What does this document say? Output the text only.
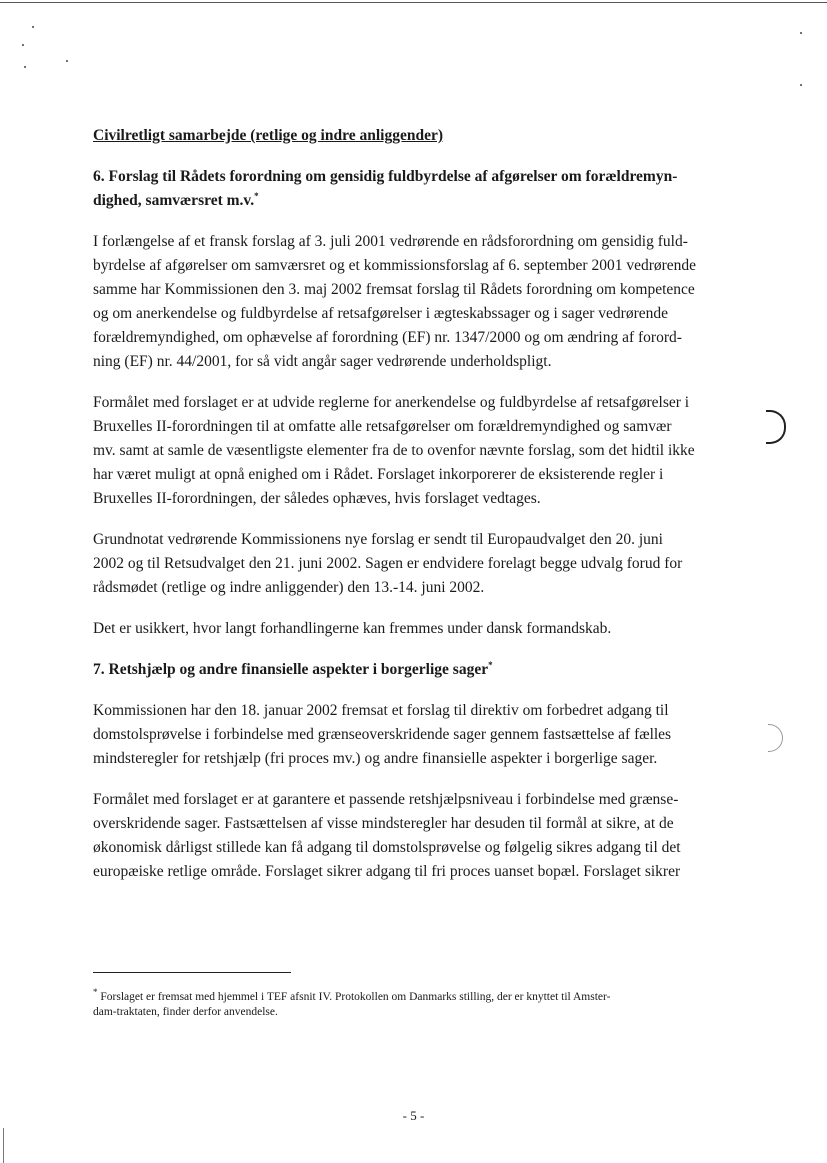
Civilretligt samarbejde (retlige og indre anliggender)
6. Forslag til Rådets forordning om gensidig fuldbyrdelse af afgørelser om forældremyn-
dighed, samværsret m.v.*

I forlængelse af et fransk forslag af 3. juli 2001 vedrørende en rådsforordning om gensidig fuld-
byrdelse af afgørelser om samværsret og et kommissionsforslag af 6. september 2001 vedrørende
samme har Kommissionen den 3. maj 2002 fremsat forslag til Rådets forordning om kompetence
og om anerkendelse og fuldbyrdelse af retsafgørelser i ægteskabssager og i sager vedrørende
forældremyndighed, om ophævelse af forordning (EF) nr. 1347/2000 og om ændring af forord-
ning (EF) nr. 44/2001, for så vidt angår sager vedrørende underholdspligt.

Formålet med forslaget er at udvide reglerne for anerkendelse og fuldbyrdelse af retsafgørelser i
Bruxelles II-forordningen til at omfatte alle retsafgørelser om forældremyndighed og samvær
mv. samt at samle de væsentligste elementer fra de to ovenfor nævnte forslag, som det hidtil ikke
har været muligt at opnå enighed om i Rådet. Forslaget inkorporerer de eksisterende regler i
Bruxelles II-forordningen, der således ophæves, hvis forslaget vedtages.

Grundnotat vedrørende Kommissionens nye forslag er sendt til Europaudvalget den 20. juni
2002 og til Retsudvalget den 21. juni 2002. Sagen er endvidere forelagt begge udvalg forud for
rådsmødet (retlige og indre anliggender) den 13.-14. juni 2002.

Det er usikkert, hvor langt forhandlingerne kan fremmes under dansk formandskab.

7. Retshjælp og andre finansielle aspekter i borgerlige sager*

Kommissionen har den 18. januar 2002 fremsat et forslag til direktiv om forbedret adgang til
domstolsprøvelse i forbindelse med grænseoverskridende sager gennem fastsættelse af fælles
mindsteregler for retshjælp (fri proces mv.) og andre finansielle aspekter i borgerlige sager.

Formålet med forslaget er at garantere et passende retshjælpsniveau i forbindelse med grænse-
overskridende sager. Fastsættelsen af visse mindsteregler har desuden til formål at sikre, at de
økonomisk dårligst stillede kan få adgang til domstolsprøvelse og følgelig sikres adgang til det
europæiske retlige område. Forslaget sikrer adgang til fri proces uanset bopæl. Forslaget sikrer

* Forslaget er fremsat med hjemmel i TEF afsnit IV. Protokollen om Danmarks stilling, der er knyttet til Amster-
dam-traktaten, finder derfor anvendelse.
- 5 -
